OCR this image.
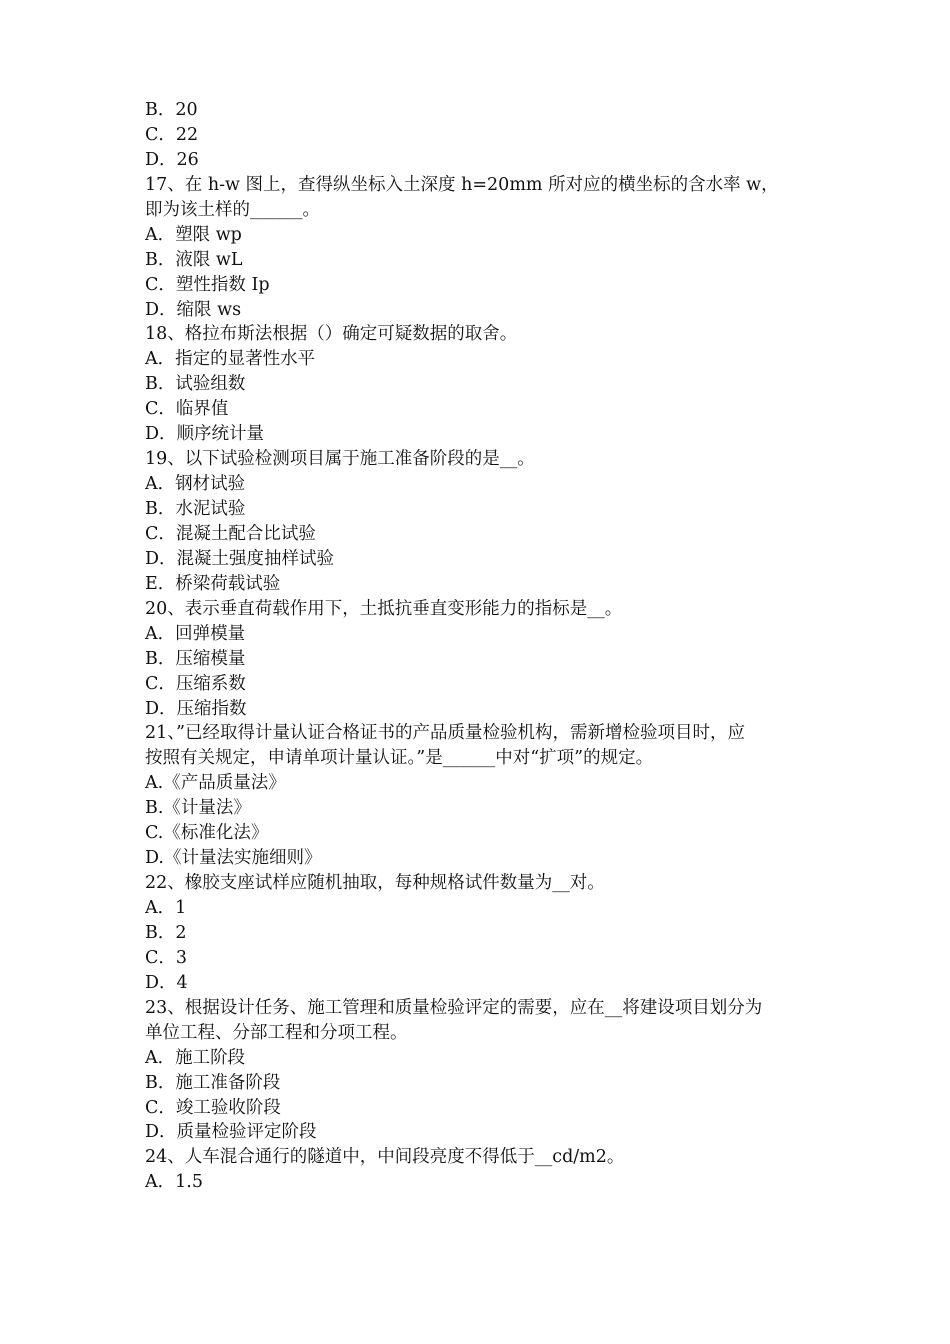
B．20
C．22
D．26
17、在 h-w 图上，查得纵坐标入土深度 h=20mm 所对应的横坐标的含水率 w，
即为该土样的______。
A．塑限 wp
B．液限 wL
C．塑性指数 Ip
D．缩限 ws
18、格拉布斯法根据（）确定可疑数据的取舍。
A．指定的显著性水平
B．试验组数
C．临界值
D．顺序统计量
19、以下试验检测项目属于施工准备阶段的是__。
A．钢材试验
B．水泥试验
C．混凝土配合比试验
D．混凝土强度抽样试验
E．桥梁荷载试验
20、表示垂直荷载作用下，土抵抗垂直变形能力的指标是__。
A．回弹模量
B．压缩模量
C．压缩系数
D．压缩指数
21、”已经取得计量认证合格证书的产品质量检验机构，需新增检验项目时，应
按照有关规定，申请单项计量认证。”是______中对“扩项”的规定。
A.《产品质量法》
B.《计量法》
C.《标准化法》
D.《计量法实施细则》
22、橡胶支座试样应随机抽取，每种规格试件数量为__对。
A．1
B．2
C．3
D．4
23、根据设计任务、施工管理和质量检验评定的需要，应在__将建设项目划分为
单位工程、分部工程和分项工程。
A．施工阶段
B．施工准备阶段
C．竣工验收阶段
D．质量检验评定阶段
24、人车混合通行的隧道中，中间段亮度不得低于__cd/m2。
A．1.5
